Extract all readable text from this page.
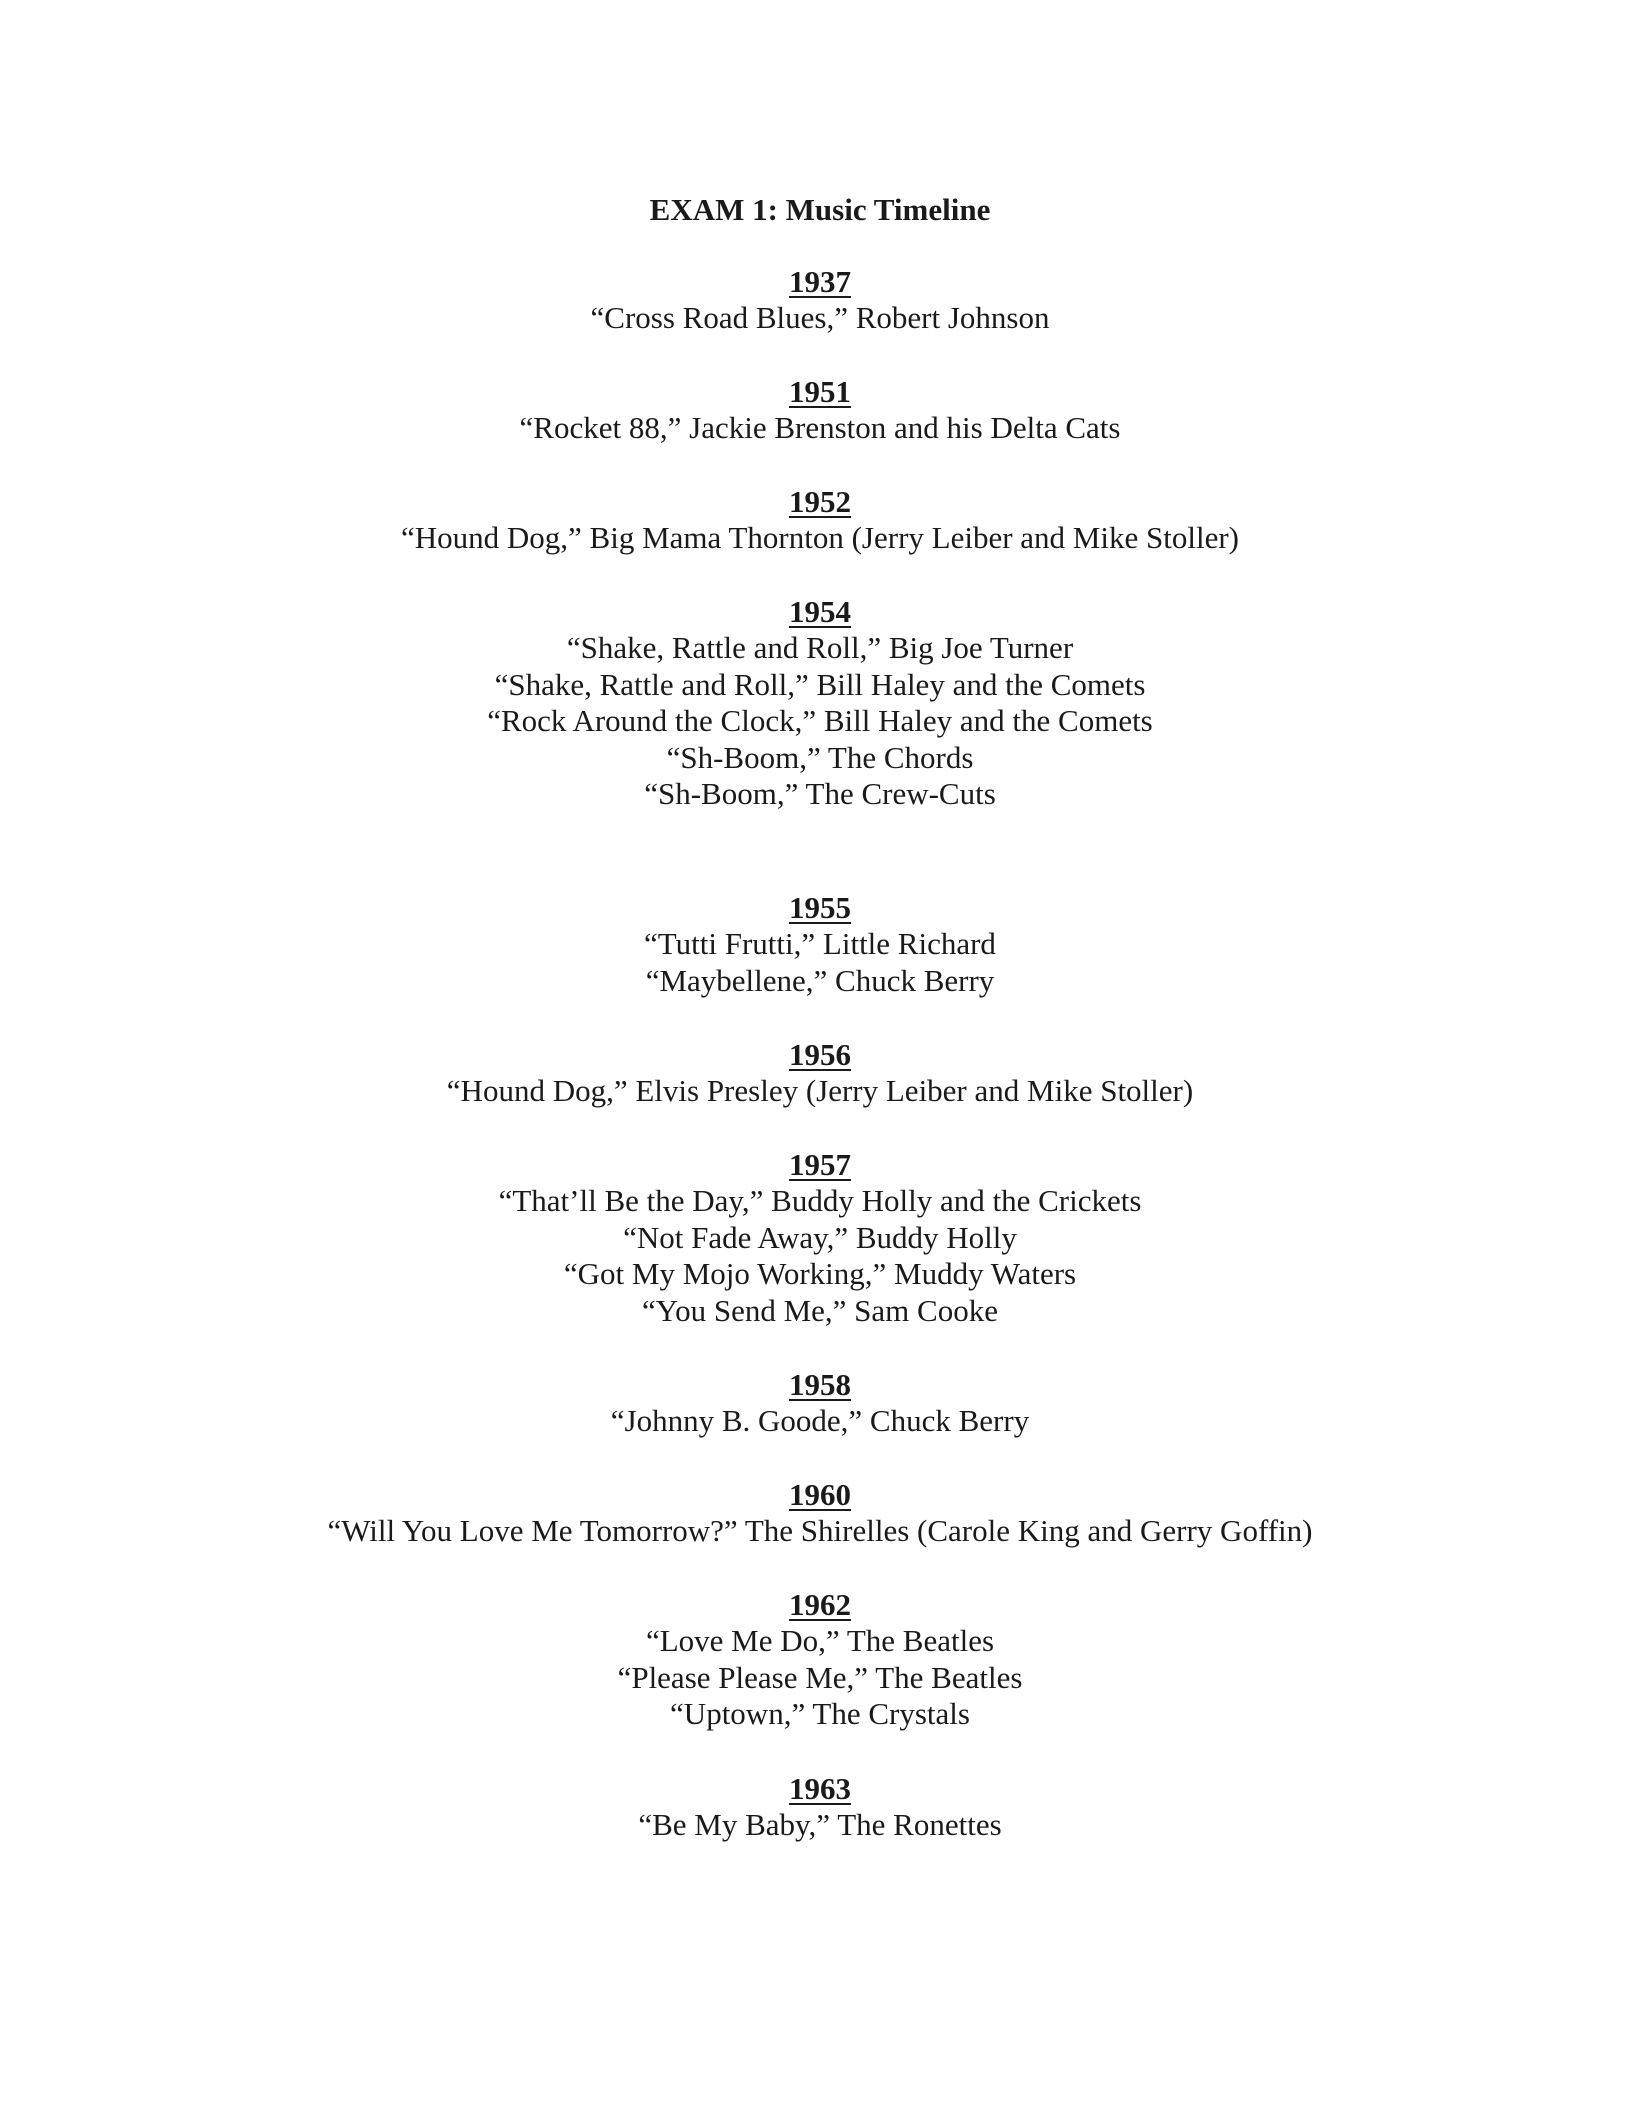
EXAM 1: Music Timeline

1937

“Cross Road Blues,” Robert Johnson

1951

“Rocket 88,” Jackie Brenston and his Delta Cats

1952

“Hound Dog,” Big Mama Thornton (Jerry Leiber and Mike Stoller)

1954

“Shake, Rattle and Roll,” Big Joe Turner

“Shake, Rattle and Roll,” Bill Haley and the Comets

“Rock Around the Clock,” Bill Haley and the Comets

“Sh-Boom,” The Chords

“Sh-Boom,” The Crew-Cuts

1955

“Tutti Frutti,” Little Richard

“Maybellene,” Chuck Berry

1956

“Hound Dog,” Elvis Presley (Jerry Leiber and Mike Stoller)

1957

“That’ll Be the Day,” Buddy Holly and the Crickets

“Not Fade Away,” Buddy Holly

“Got My Mojo Working,” Muddy Waters

“You Send Me,” Sam Cooke

1958

“Johnny B. Goode,” Chuck Berry

1960

“Will You Love Me Tomorrow?” The Shirelles (Carole King and Gerry Goffin)

1962

“Love Me Do,” The Beatles

“Please Please Me,” The Beatles

“Uptown,” The Crystals

1963

“Be My Baby,” The Ronettes
